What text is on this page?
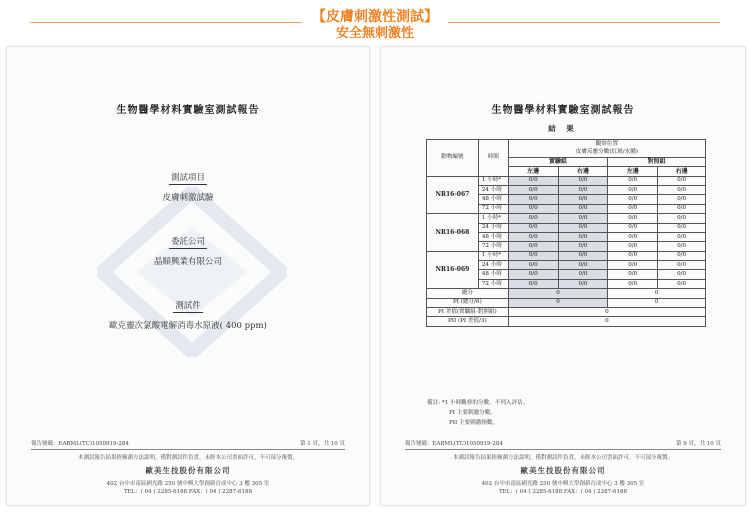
【皮膚刺激性測試】
安全無刺激性
生物醫學材料實驗室測試報告
測試項目
皮膚刺激試驗
委託公司
晶順興業有限公司
測試件
歐克靈次氯酸電解消毒水原液( 400 ppm)
報告號碼：EABML(TC)1050919-284	第 1 頁，共 10 頁
本測試報告結果經檢測方法說明，僅對測試件負責，未經本公司書面許可，不可部分複製。
歐美生技股份有限公司
402 台中市南區國光路 250 號中興大學創新育成中心 3 樓 305 室
TEL：( 04 ) 2285-6188 FAX：( 04 ) 2287-6188
生物醫學材料實驗室測試報告
結 果
動物編號	時間	觀察位置			
		皮膚反應分數(紅斑/水腫)			
		實驗組		對照組	
		左邊	右邊	左邊	右邊
NR16-067	1 小時*	0/0	0/0	0/0	0/0
	24 小時	0/0	0/0	0/0	0/0
	48 小時	0/0	0/0	0/0	0/0
	72 小時	0/0	0/0	0/0	0/0
NR16-068	1 小時*	0/0	0/0	0/0	0/0
	24 小時	0/0	0/0	0/0	0/0
	48 小時	0/0	0/0	0/0	0/0
	72 小時	0/0	0/0	0/0	0/0
NR16-069	1 小時*	0/0	0/0	0/0	0/0
	24 小時	0/0	0/0	0/0	0/0
	48 小時	0/0	0/0	0/0	0/0
	72 小時	0/0	0/0	0/0	0/0
總分		0		0	
PI (總分/6)		0		0	
PI 差值(實驗組-對照組)		0			
PII (PI 差值/3)		0			
備註: *1 小時觀察的分數，不列入評估。
PI 主要刺激分數。
PII 主要刺激指數。
報告號碼：EABML(TC)1050919-284	第 9 頁，共 10 頁
本測試報告結果經檢測方法說明，僅對測試件負責，未經本公司書面許可，不可部分複製。
歐美生技股份有限公司
402 台中市南區國光路 250 號中興大學創新育成中心 3 樓 305 室
TEL：( 04 ) 2285-6188 FAX：( 04 ) 2287-6188
